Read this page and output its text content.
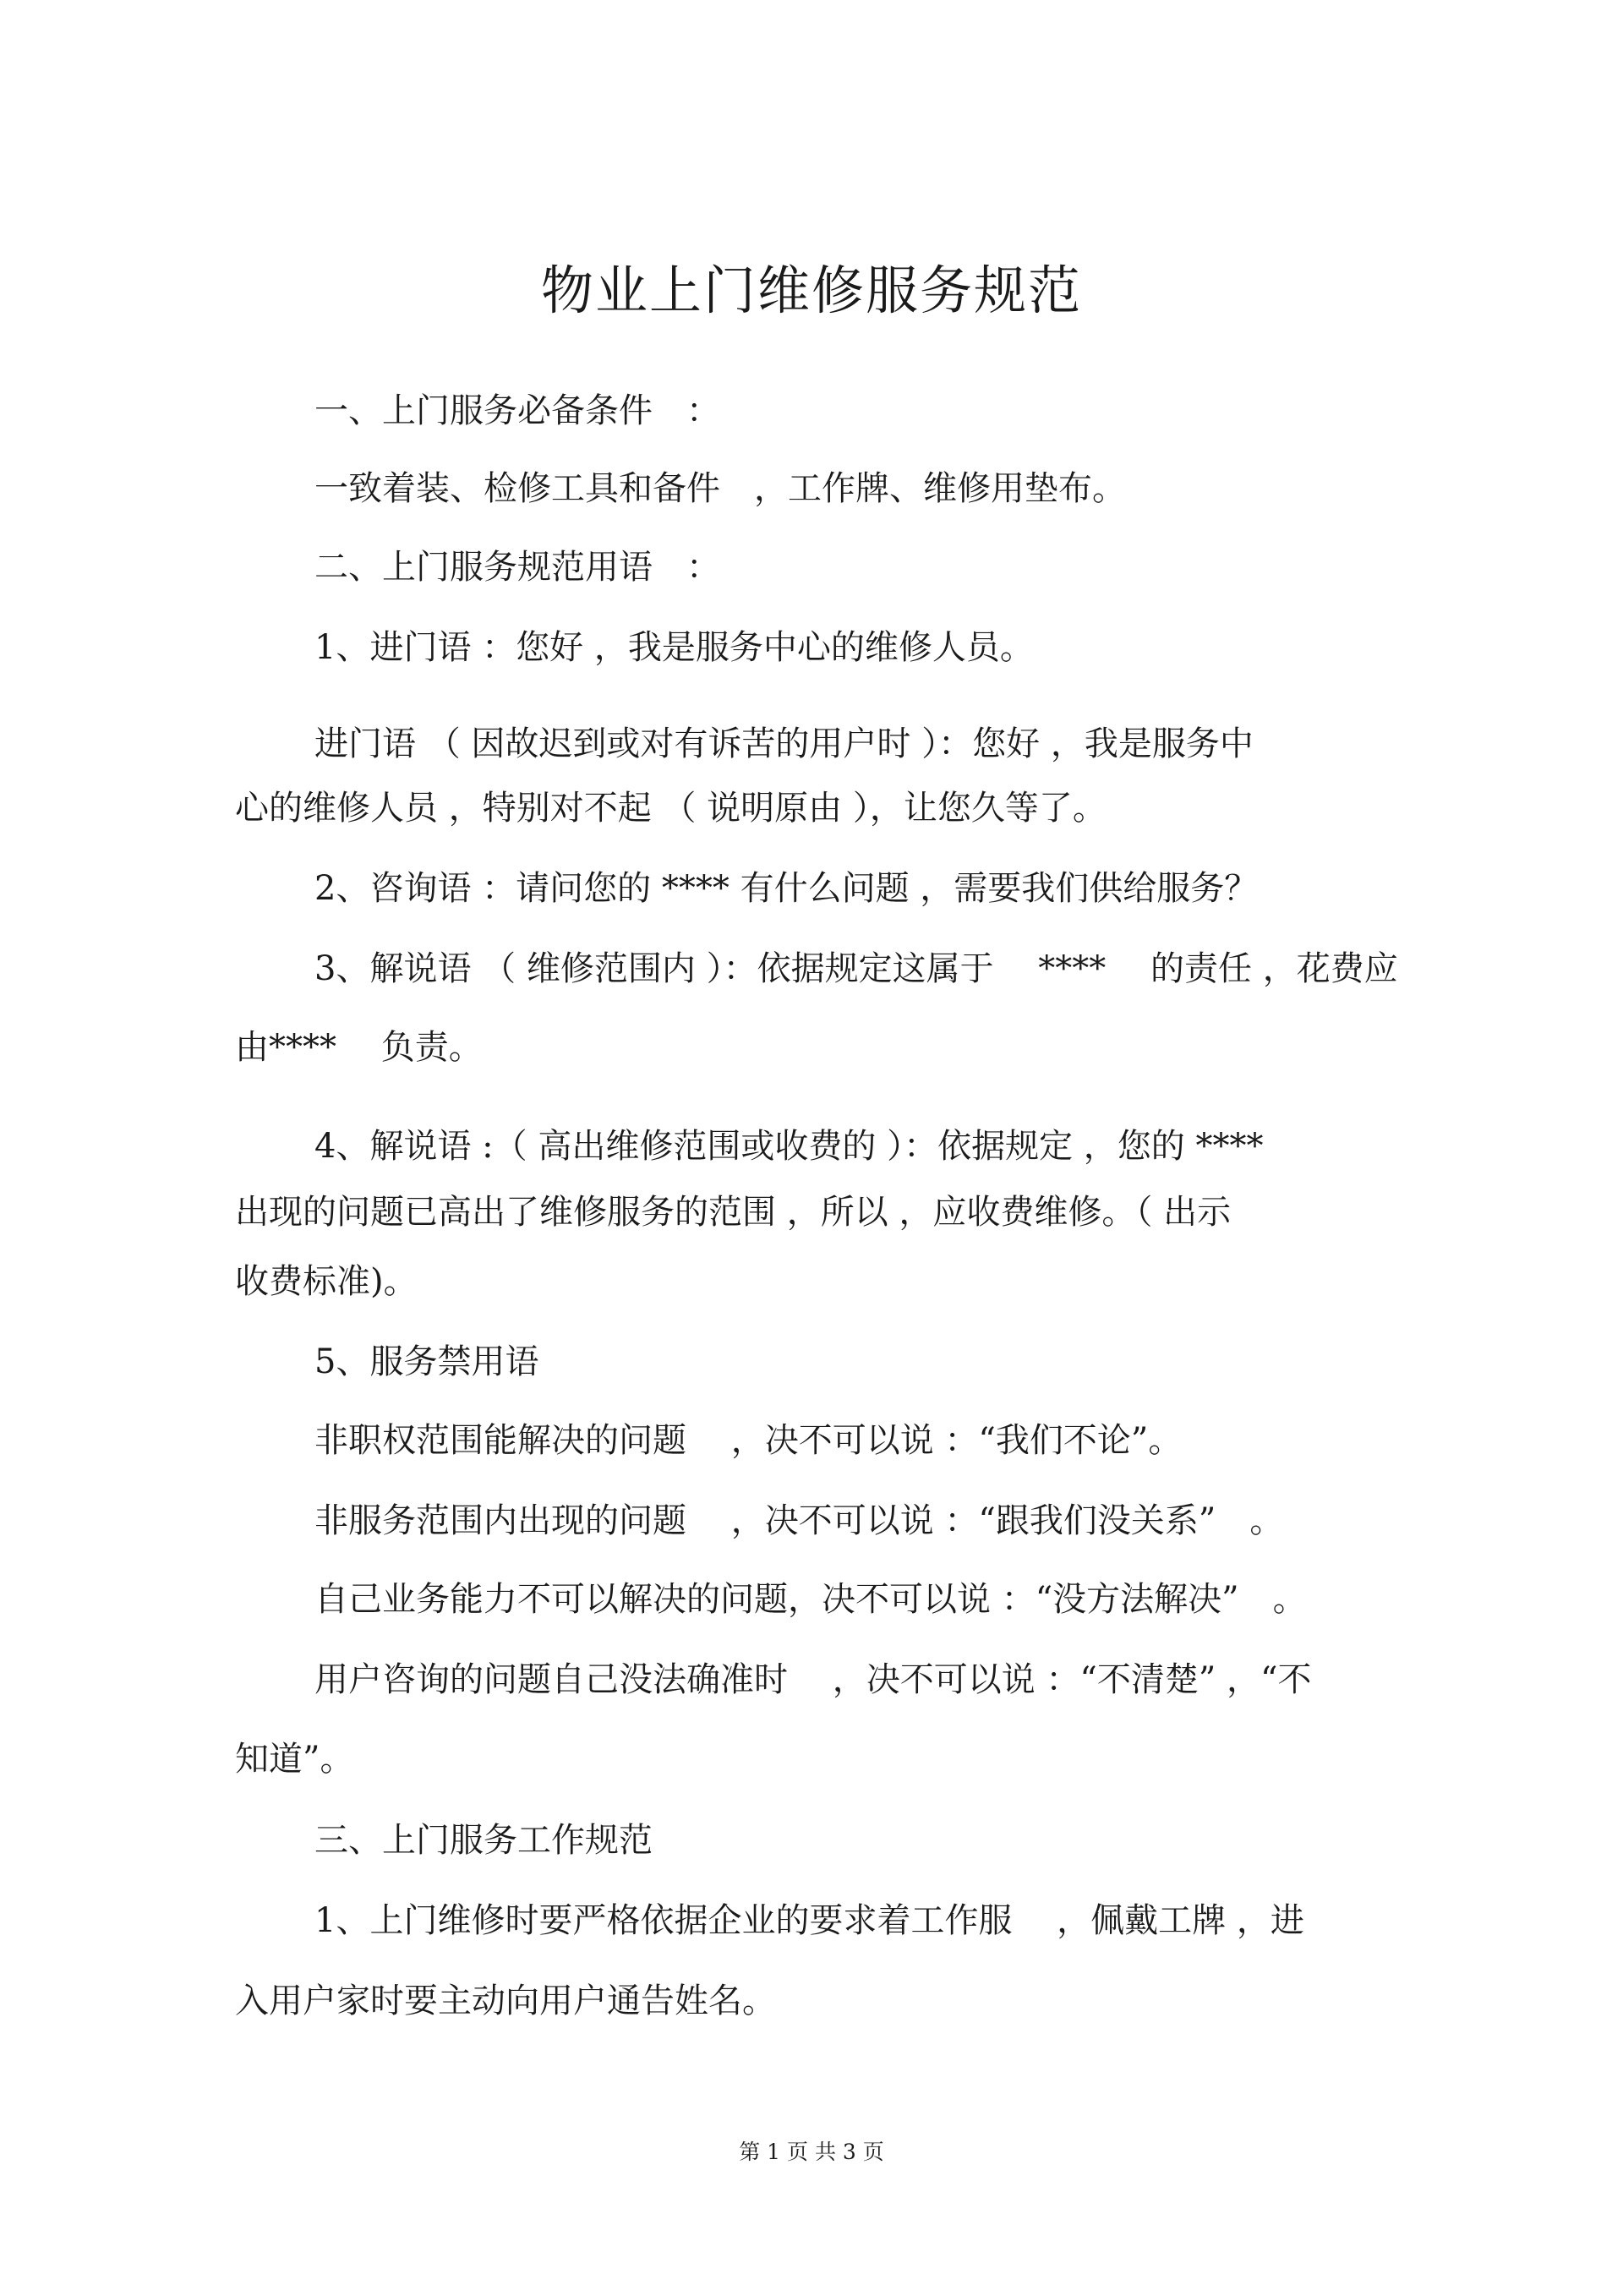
物业上门维修服务规范
一、上门服务必备条件　：
一致着装、检修工具和备件　，工作牌、维修用垫布。
二、上门服务规范用语　：
1、进门语 ：您好 ，我是服务中心的维修人员。
进门语 （ 因故迟到或对有诉苦的用户时 ）：您好 ，我是服务中
心的维修人员 ，特别对不起 （ 说明原由 ），让您久等了。
2、咨询语 ：请问您的 **** 有什么问题 ，需要我们供给服务？
3、解说语 （ 维修范围内 ）：依据规定这属于　 ****　 的责任 ，花费应
由****　 负责。
4、解说语 :（ 高出维修范围或收费的 ）：依据规定 ，您的 ****
出现的问题已高出了维修服务的范围 ，所以 ，应收费维修。（ 出示
收费标准)。
5、服务禁用语
非职权范围能解决的问题　 ，决不可以说 ：“我们不论”。
非服务范围内出现的问题　 ，决不可以说 ：“跟我们没关系”　。
自己业务能力不可以解决的问题，决不可以说 ：“没方法解决”　。
用户咨询的问题自己没法确准时　 ，决不可以说 ：“不清楚” ，“不
知道”。
三、上门服务工作规范
1、上门维修时要严格依据企业的要求着工作服　 ，佩戴工牌 ，进
入用户家时要主动向用户通告姓名。
第 1 页 共 3 页
